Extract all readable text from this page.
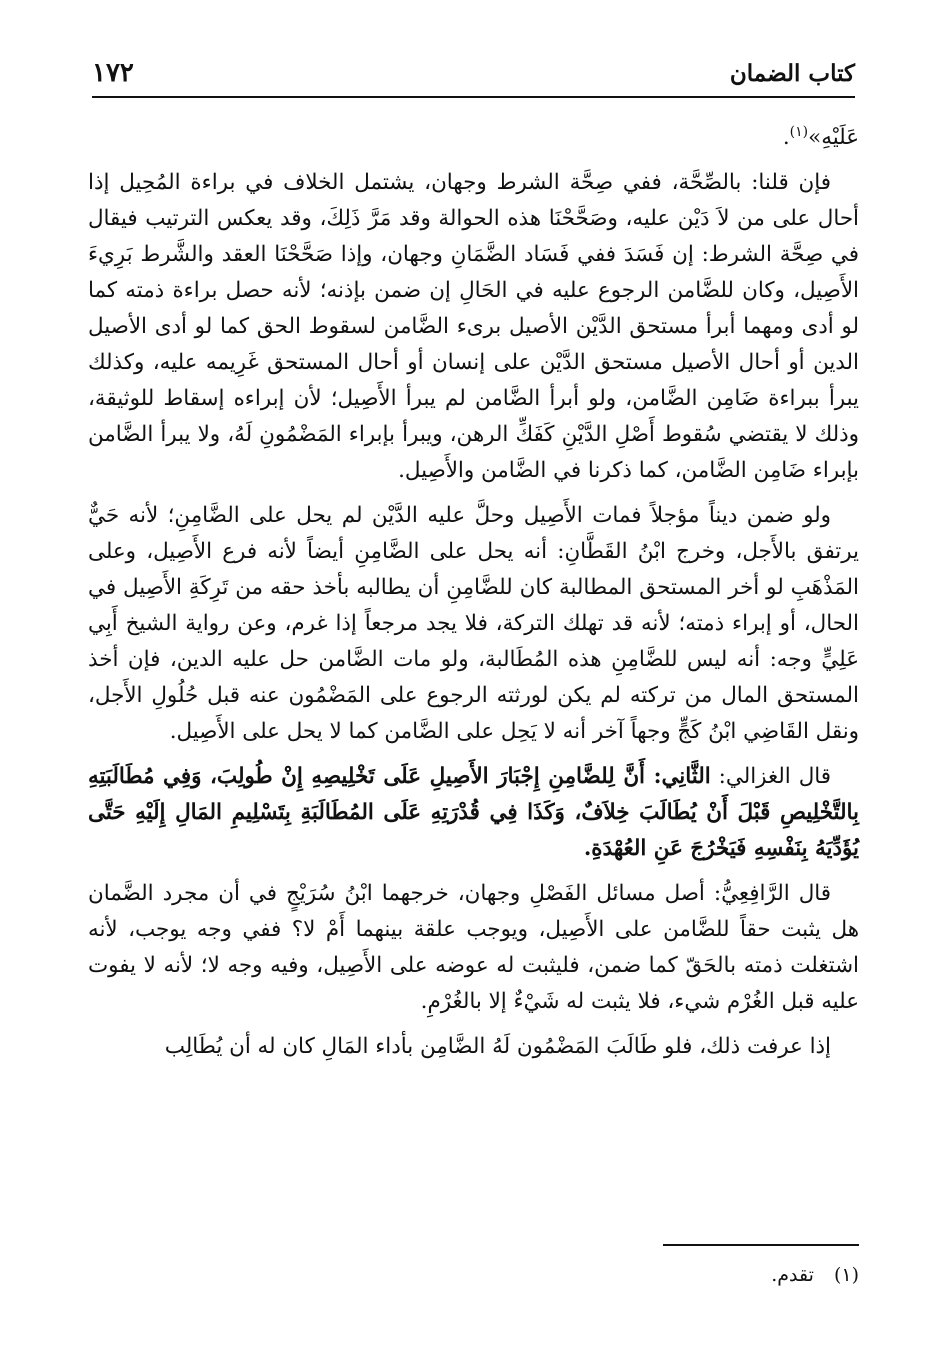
١٧٢	كتاب الضمان

عَلَيْهِ»$^{(١)}$.

فإن قلنا: بالصِّحَّة، ففي صِحَّة الشرط وجهان، يشتمل الخلاف في براءة المُحِيل إذا أحال على من لاَ دَيْن عليه، وصَحَّحْنَا هذه الحوالة وقد مَرَّ ذَلِكَ، وقد يعكس الترتيب فيقال في صِحَّة الشرط: إن فَسَدَ ففي فَسَاد الضَّمَانِ وجهان، وإذا صَحَّحْنَا العقد والشَّرط بَرِيءَ الأَصِيل، وكان للضَّامن الرجوع عليه في الحَالِ إن ضمن بإذنه؛ لأنه حصل براءة ذمته كما لو أدى ومهما أبرأ مستحق الدَّيْن الأصيل برىء الضَّامن لسقوط الحق كما لو أدى الأصيل الدين أو أحال الأصيل مستحق الدَّيْن على إنسان أو أحال المستحق غَرِيمه عليه، وكذلك يبرأ ببراءة ضَامِن الضَّامن، ولو أبرأ الضَّامن لم يبرأ الأَصِيل؛ لأن إبراءه إسقاط للوثيقة، وذلك لا يقتضي سُقوط أَصْلِ الدَّيْنِ كَفَكِّ الرهن، ويبرأ بإبراء المَضْمُونِ لَهُ، ولا يبرأ الضَّامن بإبراء ضَامِن الضَّامن، كما ذكرنا في الضَّامن والأَصِيل.

ولو ضمن ديناً مؤجلاً فمات الأَصِيل وحلَّ عليه الدَّيْن لم يحل على الضَّامِنِ؛ لأنه حَيٌّ يرتفق بالأَجل، وخرج ابْنُ القَطَّانِ: أنه يحل على الضَّامِنِ أيضاً لأنه فرع الأَصِيل، وعلى المَذْهَبِ لو أخر المستحق المطالبة كان للضَّامِنِ أن يطالبه بأخذ حقه من تَرِكَةِ الأَصِيل في الحال، أو إبراء ذمته؛ لأنه قد تهلك التركة، فلا يجد مرجعاً إذا غرم، وعن رواية الشيخ أَبِي عَلِيٍّ وجه: أنه ليس للضَّامِنِ هذه المُطَالبة، ولو مات الضَّامن حل عليه الدين، فإن أخذ المستحق المال من تركته لم يكن لورثته الرجوع على المَضْمُون عنه قبل حُلُولِ الأَجل، ونقل القَاضِي ابْنُ كَجٍّ وجهاً آخر أنه لا يَحِل على الضَّامن كما لا يحل على الأَصِيل.

قال الغزالي: الثَّانِي: أَنَّ لِلضَّامِنِ إِجْبَارَ الأَصِيلِ عَلَى تَخْلِيصِهِ إِنْ طُولِبَ، وَفِي مُطَالَبَتِهِ بِالتَّخْلِيصِ قَبْلَ أَنْ يُطَالَبَ خِلاَفٌ، وَكَذَا فِي قُدْرَتِهِ عَلَى المُطَالَبَةِ بِتَسْلِيمِ المَالِ إِلَيْهِ حَتَّى يُؤَدِّيَهُ بِنَفْسِهِ فَيَخْرُجَ عَنِ العُهْدَةِ.

قال الرَّافِعِيُّ: أصل مسائل الفَصْلِ وجهان، خرجهما ابْنُ سُرَيْجٍ في أن مجرد الضَّمان هل يثبت حقاً للضَّامن على الأَصِيل، ويوجب علقة بينهما أَمْ لا؟ ففي وجه يوجب، لأنه اشتغلت ذمته بالحَقّ كما ضمن، فليثبت له عوضه على الأَصِيل، وفيه وجه لا؛ لأنه لا يفوت عليه قبل الغُرْم شيء، فلا يثبت له شَيْءٌ إلا بالغُرْمِ.

إذا عرفت ذلك، فلو طَالَبَ المَضْمُون لَهُ الضَّامِن بأداء المَالِ كان له أن يُطَالِب

(١) تقدم.
